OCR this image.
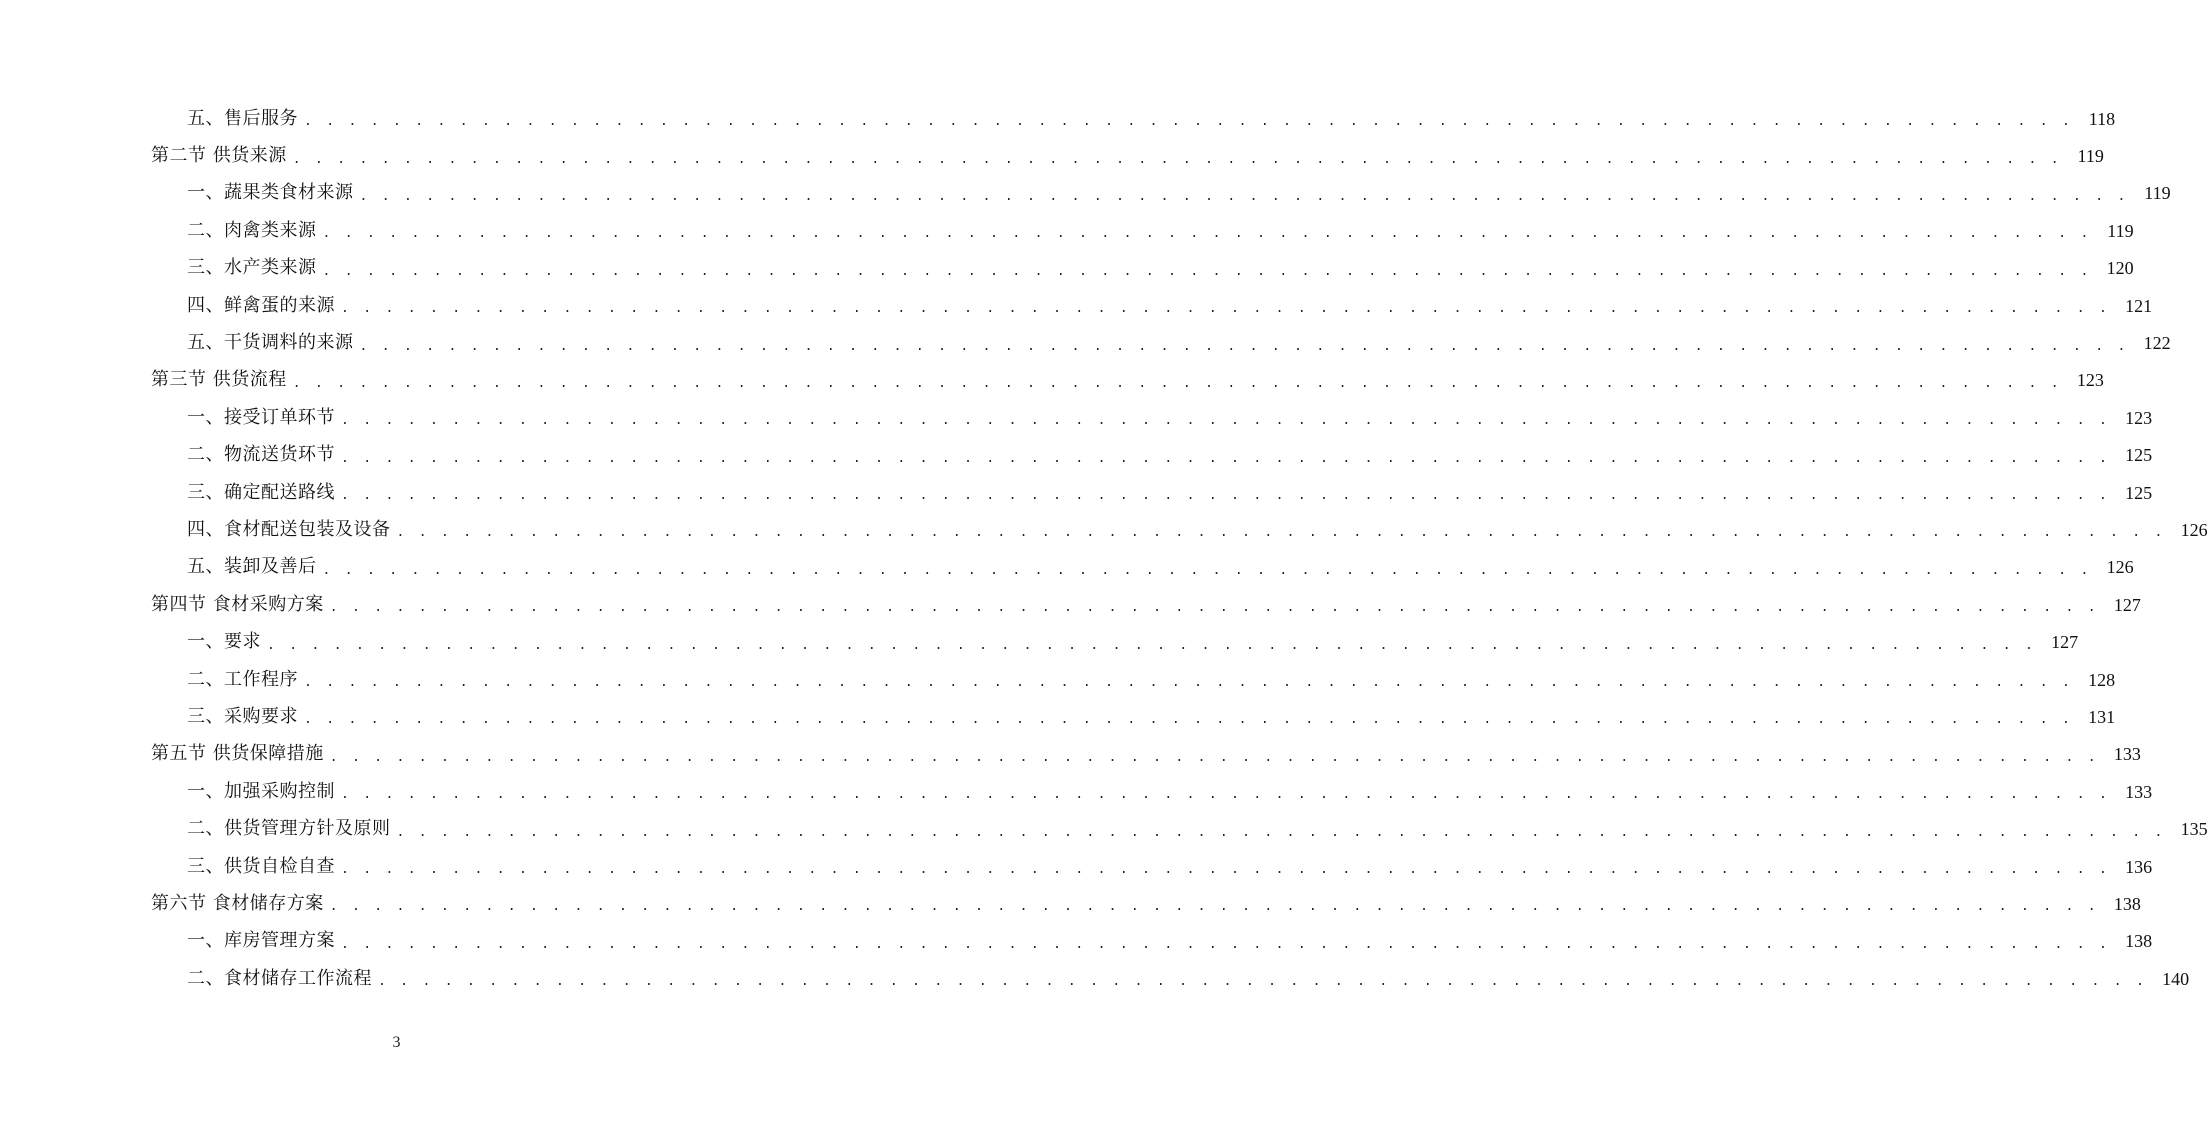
五、售后服务 . . . . . . . . . . . . . . . . . . . . . . . . . . . . . . . . . . . . . . . . . . . . . . . . . . . . . . . . . . . . . . . . . . . . . . . . . . . . . . . . 118
第二节 供货来源 . . . . . . . . . . . . . . . . . . . . . . . . . . . . . . . . . . . . . . . . . . . . . . . . . . . . . . . . . . . . . . . . . . . . . . . . . . . . . . . . 119
一、蔬果类食材来源 . . . . . . . . . . . . . . . . . . . . . . . . . . . . . . . . . . . . . . . . . . . . . . . . . . . . . . . . . . . . . . . . . . . . . . . . . . . . . . . . 119
二、肉禽类来源 . . . . . . . . . . . . . . . . . . . . . . . . . . . . . . . . . . . . . . . . . . . . . . . . . . . . . . . . . . . . . . . . . . . . . . . . . . . . . . . . 119
三、水产类来源 . . . . . . . . . . . . . . . . . . . . . . . . . . . . . . . . . . . . . . . . . . . . . . . . . . . . . . . . . . . . . . . . . . . . . . . . . . . . . . . . 120
四、鲜禽蛋的来源 . . . . . . . . . . . . . . . . . . . . . . . . . . . . . . . . . . . . . . . . . . . . . . . . . . . . . . . . . . . . . . . . . . . . . . . . . . . . . . . . 121
五、干货调料的来源 . . . . . . . . . . . . . . . . . . . . . . . . . . . . . . . . . . . . . . . . . . . . . . . . . . . . . . . . . . . . . . . . . . . . . . . . . . . . . . . . 122
第三节 供货流程 . . . . . . . . . . . . . . . . . . . . . . . . . . . . . . . . . . . . . . . . . . . . . . . . . . . . . . . . . . . . . . . . . . . . . . . . . . . . . . . . 123
一、接受订单环节 . . . . . . . . . . . . . . . . . . . . . . . . . . . . . . . . . . . . . . . . . . . . . . . . . . . . . . . . . . . . . . . . . . . . . . . . . . . . . . . . 123
二、物流送货环节 . . . . . . . . . . . . . . . . . . . . . . . . . . . . . . . . . . . . . . . . . . . . . . . . . . . . . . . . . . . . . . . . . . . . . . . . . . . . . . . . 125
三、确定配送路线 . . . . . . . . . . . . . . . . . . . . . . . . . . . . . . . . . . . . . . . . . . . . . . . . . . . . . . . . . . . . . . . . . . . . . . . . . . . . . . . . 125
四、食材配送包装及设备 . . . . . . . . . . . . . . . . . . . . . . . . . . . . . . . . . . . . . . . . . . . . . . . . . . . . . . . . . . . . . . . . . . . . . . . . . . . . . . . . 126
五、装卸及善后 . . . . . . . . . . . . . . . . . . . . . . . . . . . . . . . . . . . . . . . . . . . . . . . . . . . . . . . . . . . . . . . . . . . . . . . . . . . . . . . . 126
第四节 食材采购方案 . . . . . . . . . . . . . . . . . . . . . . . . . . . . . . . . . . . . . . . . . . . . . . . . . . . . . . . . . . . . . . . . . . . . . . . . . . . . . . . . 127
一、要求 . . . . . . . . . . . . . . . . . . . . . . . . . . . . . . . . . . . . . . . . . . . . . . . . . . . . . . . . . . . . . . . . . . . . . . . . . . . . . . . . 127
二、工作程序 . . . . . . . . . . . . . . . . . . . . . . . . . . . . . . . . . . . . . . . . . . . . . . . . . . . . . . . . . . . . . . . . . . . . . . . . . . . . . . . . 128
三、采购要求 . . . . . . . . . . . . . . . . . . . . . . . . . . . . . . . . . . . . . . . . . . . . . . . . . . . . . . . . . . . . . . . . . . . . . . . . . . . . . . . . 131
第五节 供货保障措施 . . . . . . . . . . . . . . . . . . . . . . . . . . . . . . . . . . . . . . . . . . . . . . . . . . . . . . . . . . . . . . . . . . . . . . . . . . . . . . . . 133
一、加强采购控制 . . . . . . . . . . . . . . . . . . . . . . . . . . . . . . . . . . . . . . . . . . . . . . . . . . . . . . . . . . . . . . . . . . . . . . . . . . . . . . . . 133
二、供货管理方针及原则 . . . . . . . . . . . . . . . . . . . . . . . . . . . . . . . . . . . . . . . . . . . . . . . . . . . . . . . . . . . . . . . . . . . . . . . . . . . . . . . . 135
三、供货自检自查 . . . . . . . . . . . . . . . . . . . . . . . . . . . . . . . . . . . . . . . . . . . . . . . . . . . . . . . . . . . . . . . . . . . . . . . . . . . . . . . . 136
第六节 食材储存方案 . . . . . . . . . . . . . . . . . . . . . . . . . . . . . . . . . . . . . . . . . . . . . . . . . . . . . . . . . . . . . . . . . . . . . . . . . . . . . . . . 138
一、库房管理方案 . . . . . . . . . . . . . . . . . . . . . . . . . . . . . . . . . . . . . . . . . . . . . . . . . . . . . . . . . . . . . . . . . . . . . . . . . . . . . . . . 138
二、食材储存工作流程 . . . . . . . . . . . . . . . . . . . . . . . . . . . . . . . . . . . . . . . . . . . . . . . . . . . . . . . . . . . . . . . . . . . . . . . . . . . . . . . . 140
3
